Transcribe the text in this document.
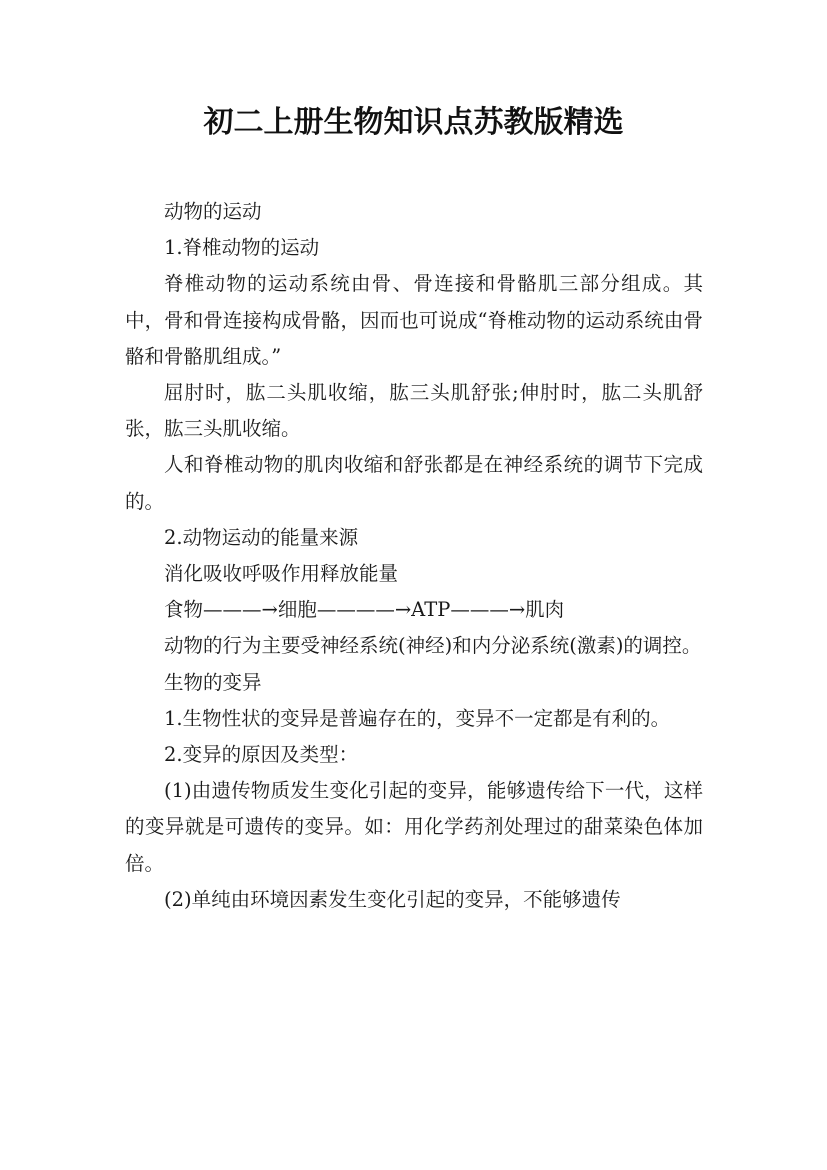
初二上册生物知识点苏教版精选

动物的运动

1.脊椎动物的运动

脊椎动物的运动系统由骨、骨连接和骨骼肌三部分组成。其中，骨和骨连接构成骨骼，因而也可说成“脊椎动物的运动系统由骨骼和骨骼肌组成。”

屈肘时，肱二头肌收缩，肱三头肌舒张;伸肘时，肱二头肌舒张，肱三头肌收缩。

人和脊椎动物的肌肉收缩和舒张都是在神经系统的调节下完成的。

2.动物运动的能量来源

消化吸收呼吸作用释放能量

食物———→细胞————→ATP———→肌肉

动物的行为主要受神经系统(神经)和内分泌系统(激素)的调控。

生物的变异

1.生物性状的变异是普遍存在的，变异不一定都是有利的。

2.变异的原因及类型：

(1)由遗传物质发生变化引起的变异，能够遗传给下一代，这样的变异就是可遗传的变异。如：用化学药剂处理过的甜菜染色体加倍。

(2)单纯由环境因素发生变化引起的变异，不能够遗传
